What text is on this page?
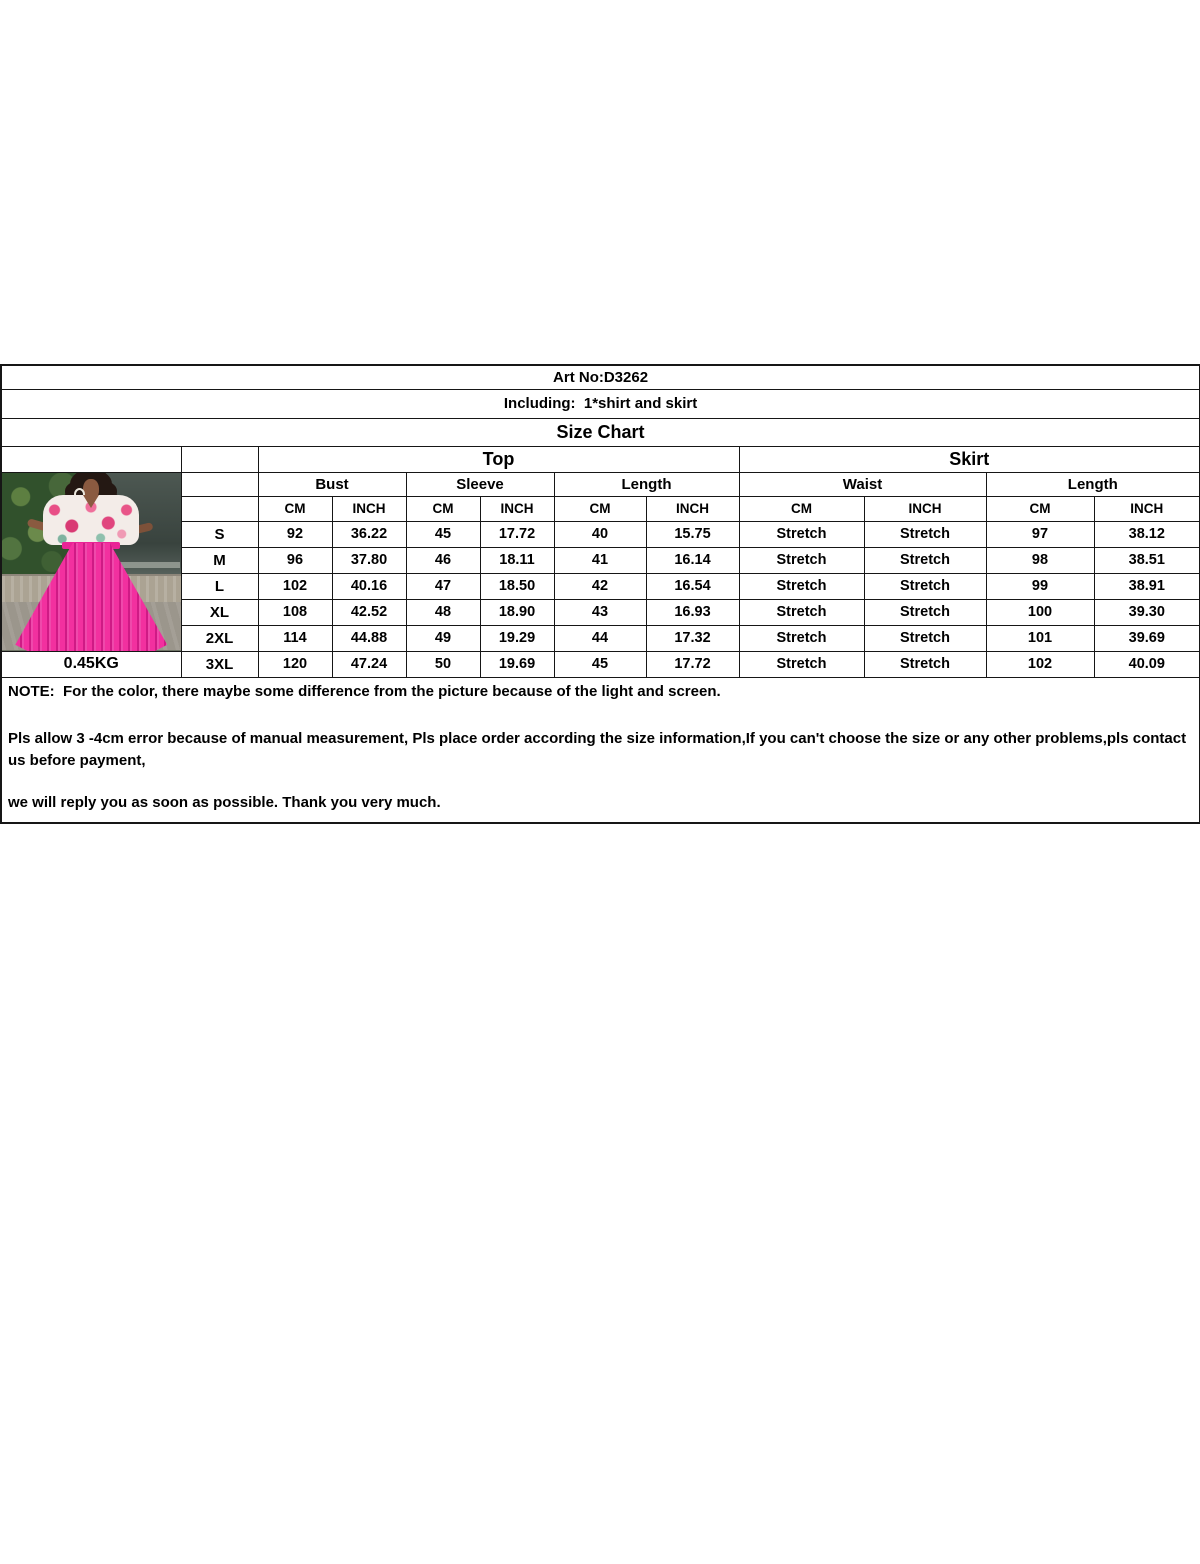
Art No:D3262											
Including:  1*shirt and skirt											
Size Chart											
		Top						Skirt			

		Bust		Sleeve		Length		Waist		Length	
		CM	INCH	CM	INCH	CM	INCH	CM	INCH	CM	INCH
	S	92	36.22	45	17.72	40	15.75	Stretch	Stretch	97	38.12
	M	96	37.80	46	18.11	41	16.14	Stretch	Stretch	98	38.51
	L	102	40.16	47	18.50	42	16.54	Stretch	Stretch	99	38.91
	XL	108	42.52	48	18.90	43	16.93	Stretch	Stretch	100	39.30
	2XL	114	44.88	49	19.29	44	17.32	Stretch	Stretch	101	39.69
0.45KG	3XL	120	47.24	50	19.69	45	17.72	Stretch	Stretch	102	40.09

NOTE:  For the color, there maybe some difference from the picture because of the light and screen.

Pls allow 3 -4cm error because of manual measurement, Pls place order according the size information,If you can't choose the size or any other problems,pls contact us before payment,

we will reply you as soon as possible. Thank you very much.											
